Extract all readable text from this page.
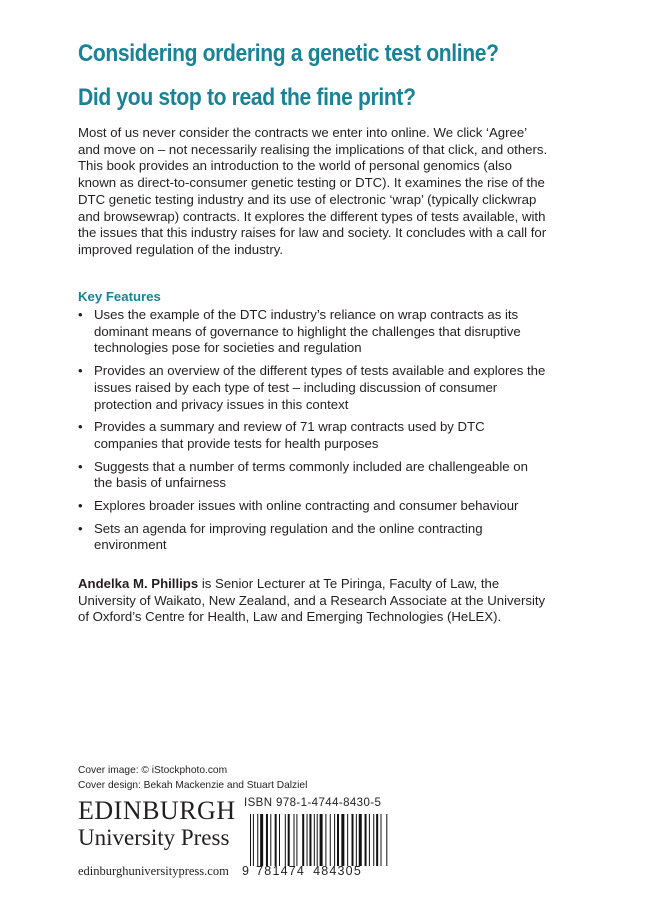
Considering ordering a genetic test online?
Did you stop to read the fine print?
Most of us never consider the contracts we enter into online. We click ‘Agree’ and move on – not necessarily realising the implications of that click, and others. This book provides an introduction to the world of personal genomics (also known as direct-to-consumer genetic testing or DTC). It examines the rise of the DTC genetic testing industry and its use of electronic ‘wrap’ (typically clickwrap and browsewrap) contracts. It explores the different types of tests available, with the issues that this industry raises for law and society. It concludes with a call for improved regulation of the industry.
Key Features
• Uses the example of the DTC industry’s reliance on wrap contracts as its dominant means of governance to highlight the challenges that disruptive technologies pose for societies and regulation
• Provides an overview of the different types of tests available and explores the issues raised by each type of test – including discussion of consumer protection and privacy issues in this context
• Provides a summary and review of 71 wrap contracts used by DTC companies that provide tests for health purposes
• Suggests that a number of terms commonly included are challengeable on the basis of unfairness
• Explores broader issues with online contracting and consumer behaviour
• Sets an agenda for improving regulation and the online contracting environment
Andelka M. Phillips is Senior Lecturer at Te Piringa, Faculty of Law, the University of Waikato, New Zealand, and a Research Associate at the University of Oxford’s Centre for Health, Law and Emerging Technologies (HeLEX).
Cover image: © iStockphoto.com
Cover design: Bekah Mackenzie and Stuart Dalziel
EDINBURGH
University Press
edinburghuniversitypress.com
ISBN 978-1-4744-8430-5
9 781474 484305
